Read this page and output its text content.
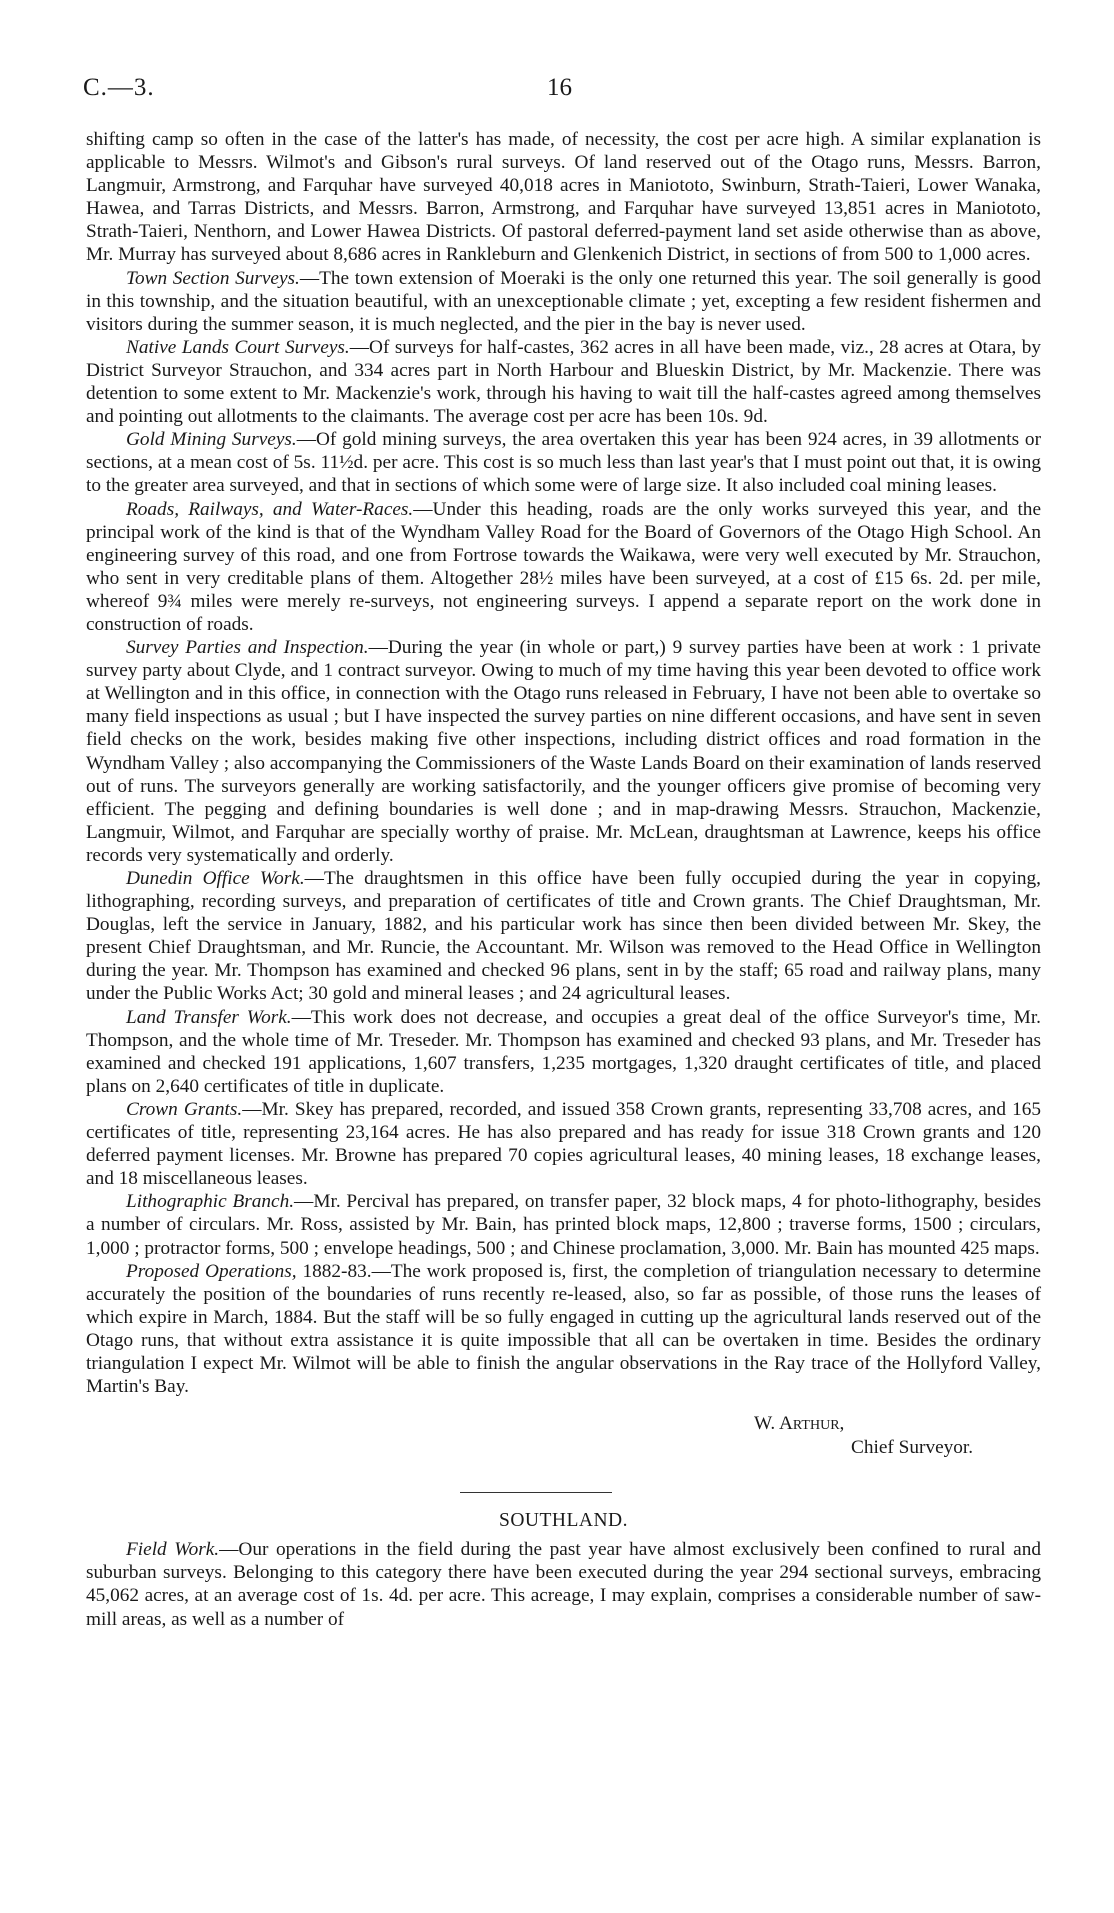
C.—3.	16

shifting camp so often in the case of the latter's has made, of necessity, the cost per acre high. A similar explanation is applicable to Messrs. Wilmot's and Gibson's rural surveys. Of land reserved out of the Otago runs, Messrs. Barron, Langmuir, Armstrong, and Farquhar have surveyed 40,018 acres in Maniototo, Swinburn, Strath-Taieri, Lower Wanaka, Hawea, and Tarras Districts, and Messrs. Barron, Armstrong, and Farquhar have surveyed 13,851 acres in Maniototo, Strath-Taieri, Nenthorn, and Lower Hawea Districts. Of pastoral deferred-payment land set aside otherwise than as above, Mr. Murray has surveyed about 8,686 acres in Rankleburn and Glenkenich District, in sections of from 500 to 1,000 acres.

Town Section Surveys.—The town extension of Moeraki is the only one returned this year. The soil generally is good in this township, and the situation beautiful, with an unexceptionable climate ; yet, excepting a few resident fishermen and visitors during the summer season, it is much neglected, and the pier in the bay is never used.

Native Lands Court Surveys.—Of surveys for half-castes, 362 acres in all have been made, viz., 28 acres at Otara, by District Surveyor Strauchon, and 334 acres part in North Harbour and Blueskin District, by Mr. Mackenzie. There was detention to some extent to Mr. Mackenzie's work, through his having to wait till the half-castes agreed among themselves and pointing out allotments to the claimants. The average cost per acre has been 10s. 9d.

Gold Mining Surveys.—Of gold mining surveys, the area overtaken this year has been 924 acres, in 39 allotments or sections, at a mean cost of 5s. 11½d. per acre. This cost is so much less than last year's that I must point out that, it is owing to the greater area surveyed, and that in sections of which some were of large size. It also included coal mining leases.

Roads, Railways, and Water-Races.—Under this heading, roads are the only works surveyed this year, and the principal work of the kind is that of the Wyndham Valley Road for the Board of Governors of the Otago High School. An engineering survey of this road, and one from Fortrose towards the Waikawa, were very well executed by Mr. Strauchon, who sent in very creditable plans of them. Altogether 28½ miles have been surveyed, at a cost of £15 6s. 2d. per mile, whereof 9¾ miles were merely re-surveys, not engineering surveys. I append a separate report on the work done in construction of roads.

Survey Parties and Inspection.—During the year (in whole or part,) 9 survey parties have been at work : 1 private survey party about Clyde, and 1 contract surveyor. Owing to much of my time having this year been devoted to office work at Wellington and in this office, in connection with the Otago runs released in February, I have not been able to overtake so many field inspections as usual ; but I have inspected the survey parties on nine different occasions, and have sent in seven field checks on the work, besides making five other inspections, including district offices and road formation in the Wyndham Valley ; also accompanying the Commissioners of the Waste Lands Board on their examination of lands reserved out of runs. The surveyors generally are working satisfactorily, and the younger officers give promise of becoming very efficient. The pegging and defining boundaries is well done ; and in map-drawing Messrs. Strauchon, Mackenzie, Langmuir, Wilmot, and Farquhar are specially worthy of praise. Mr. McLean, draughtsman at Lawrence, keeps his office records very systematically and orderly.

Dunedin Office Work.—The draughtsmen in this office have been fully occupied during the year in copying, lithographing, recording surveys, and preparation of certificates of title and Crown grants. The Chief Draughtsman, Mr. Douglas, left the service in January, 1882, and his particular work has since then been divided between Mr. Skey, the present Chief Draughtsman, and Mr. Runcie, the Accountant. Mr. Wilson was removed to the Head Office in Wellington during the year. Mr. Thompson has examined and checked 96 plans, sent in by the staff; 65 road and railway plans, many under the Public Works Act; 30 gold and mineral leases ; and 24 agricultural leases.

Land Transfer Work.—This work does not decrease, and occupies a great deal of the office Surveyor's time, Mr. Thompson, and the whole time of Mr. Treseder. Mr. Thompson has examined and checked 93 plans, and Mr. Treseder has examined and checked 191 applications, 1,607 transfers, 1,235 mortgages, 1,320 draught certificates of title, and placed plans on 2,640 certificates of title in duplicate.

Crown Grants.—Mr. Skey has prepared, recorded, and issued 358 Crown grants, representing 33,708 acres, and 165 certificates of title, representing 23,164 acres. He has also prepared and has ready for issue 318 Crown grants and 120 deferred payment licenses. Mr. Browne has prepared 70 copies agricultural leases, 40 mining leases, 18 exchange leases, and 18 miscellaneous leases.

Lithographic Branch.—Mr. Percival has prepared, on transfer paper, 32 block maps, 4 for photo-lithography, besides a number of circulars. Mr. Ross, assisted by Mr. Bain, has printed block maps, 12,800 ; traverse forms, 1500 ; circulars, 1,000 ; protractor forms, 500 ; envelope headings, 500 ; and Chinese proclamation, 3,000. Mr. Bain has mounted 425 maps.

Proposed Operations, 1882-83.—The work proposed is, first, the completion of triangulation necessary to determine accurately the position of the boundaries of runs recently re-leased, also, so far as possible, of those runs the leases of which expire in March, 1884. But the staff will be so fully engaged in cutting up the agricultural lands reserved out of the Otago runs, that without extra assistance it is quite impossible that all can be overtaken in time. Besides the ordinary triangulation I expect Mr. Wilmot will be able to finish the angular observations in the Ray trace of the Hollyford Valley, Martin's Bay.

W. Arthur,
Chief Surveyor.
SOUTHLAND.

Field Work.—Our operations in the field during the past year have almost exclusively been confined to rural and suburban surveys. Belonging to this category there have been executed during the year 294 sectional surveys, embracing 45,062 acres, at an average cost of 1s. 4d. per acre. This acreage, I may explain, comprises a considerable number of saw-mill areas, as well as a number of
